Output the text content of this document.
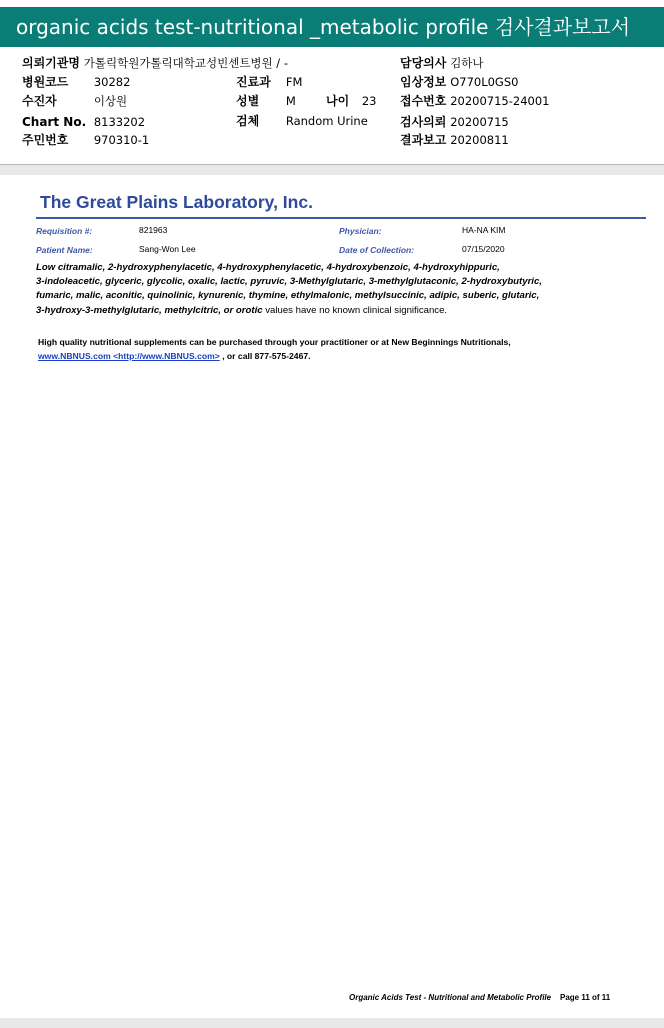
organic acids test-nutritional _metabolic profile 검사결과보고서
의뢰기관명 가톨릭학원가톨릭대학교성빈센트병원 / -	담당의사 김하나
병원코드 30282	진료과 FM	임상정보 O770L0GS0
수진자	이상원	성별 M	나이 23 접수번호 20200715-24001
Chart No. 8133202	검체 Random Urine	검사의뢰 20200715
주민번호 970310-1	결과보고 20200811
The Great Plains Laboratory, Inc.
Requisition #:	821963	Physician:	HA-NA KIM
Patient Name:	Sang-Won Lee	Date of Collection:	07/15/2020
Low citramalic, 2-hydroxyphenylacetic, 4-hydroxyphenylacetic, 4-hydroxybenzoic, 4-hydroxyhippuric,
3-indoleacetic, glyceric, glycolic, oxalic, lactic, pyruvic, 3-Methylglutaric, 3-methylglutaconic, 2-hydroxybutyric,
fumaric, malic, aconitic, quinolinic, kynurenic, thymine, ethylmalonic, methylsuccinic, adipic, suberic, glutaric,
3-hydroxy-3-methylglutaric, methylcitric, or orotic values have no known clinical significance.
High quality nutritional supplements can be purchased through your practitioner or at New Beginnings Nutritionals,
www.NBNUS.com <http://www.NBNUS.com> , or call 877-575-2467.
Organic Acids Test - Nutritional and Metabolic Profile Page 11 of 11
